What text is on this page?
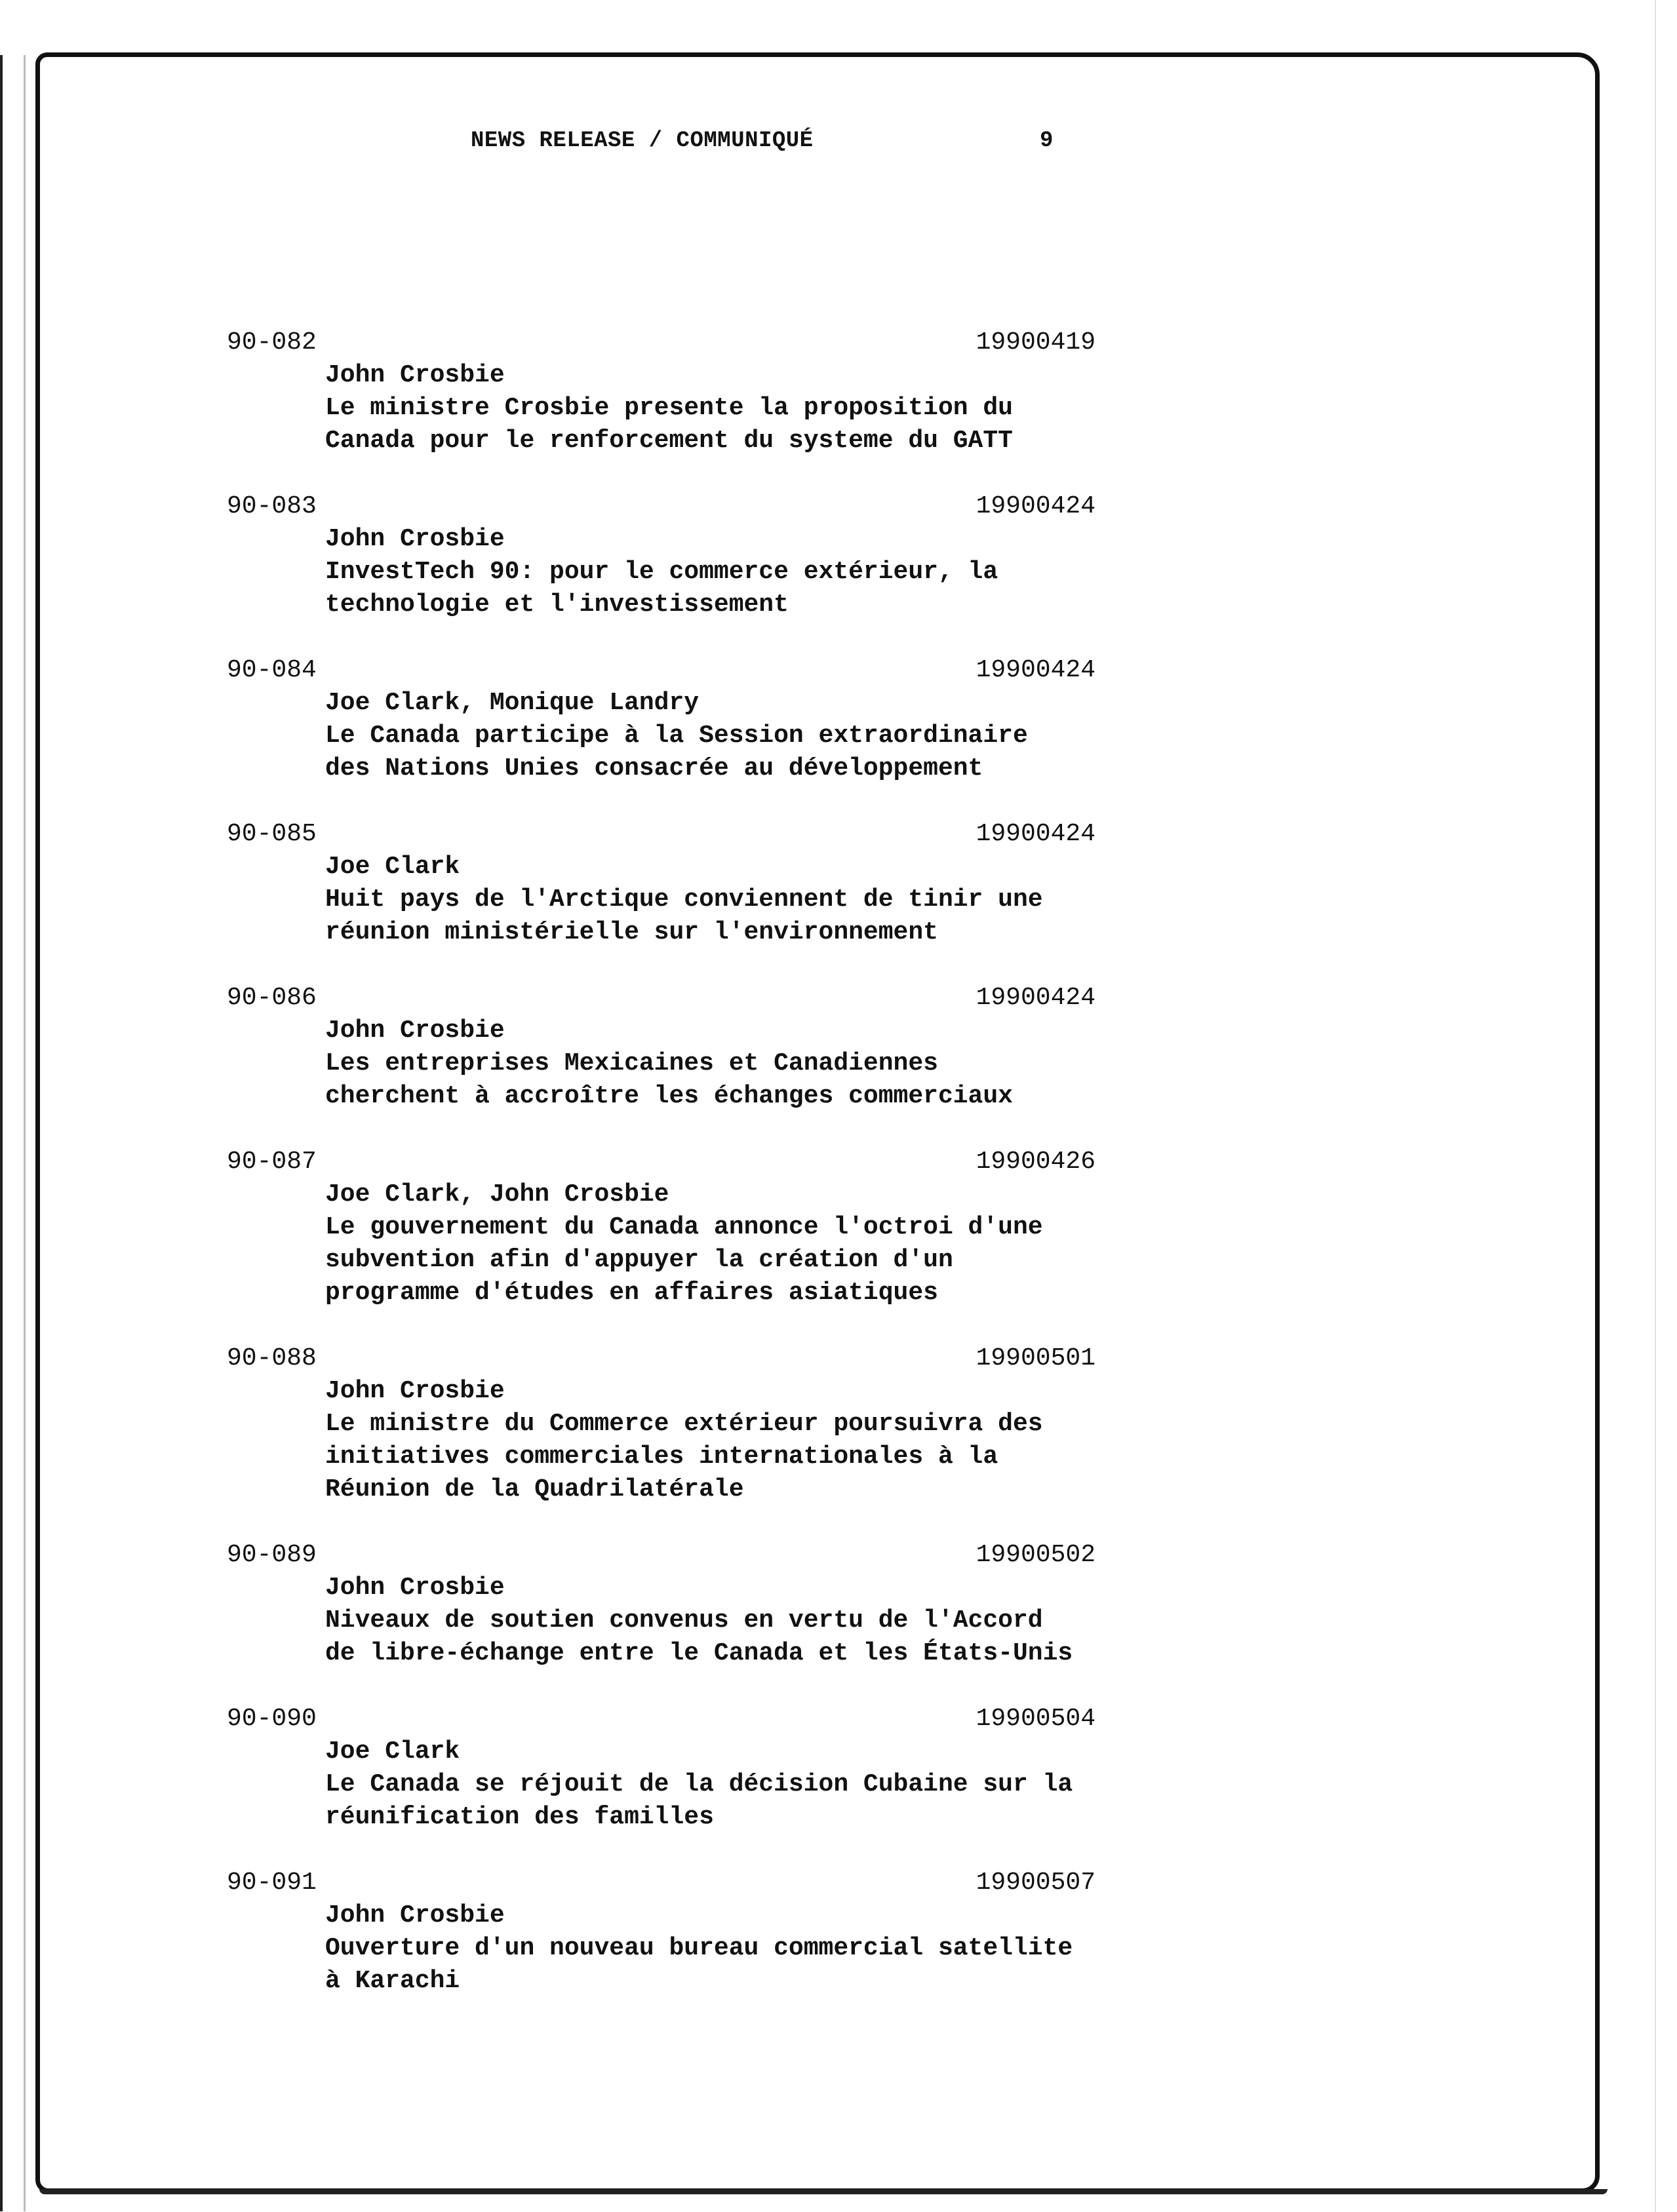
NEWS RELEASE / COMMUNIQUÉ	9
90-082	19900419
John Crosbie
Le ministre Crosbie presente la proposition du
Canada pour le renforcement du systeme du GATT
90-083	19900424
John Crosbie
InvestTech 90: pour le commerce extérieur, la
technologie et l'investissement
90-084	19900424
Joe Clark, Monique Landry
Le Canada participe à la Session extraordinaire
des Nations Unies consacrée au développement
90-085	19900424
Joe Clark
Huit pays de l'Arctique conviennent de tinir une
réunion ministérielle sur l'environnement
90-086	19900424
John Crosbie
Les entreprises Mexicaines et Canadiennes
cherchent à accroître les échanges commerciaux
90-087	19900426
Joe Clark, John Crosbie
Le gouvernement du Canada annonce l'octroi d'une
subvention afin d'appuyer la création d'un
programme d'études en affaires asiatiques
90-088	19900501
John Crosbie
Le ministre du Commerce extérieur poursuivra des
initiatives commerciales internationales à la
Réunion de la Quadrilatérale
90-089	19900502
John Crosbie
Niveaux de soutien convenus en vertu de l'Accord
de libre-échange entre le Canada et les États-Unis
90-090	19900504
Joe Clark
Le Canada se réjouit de la décision Cubaine sur la
réunification des familles
90-091	19900507
John Crosbie
Ouverture d'un nouveau bureau commercial satellite
à Karachi
